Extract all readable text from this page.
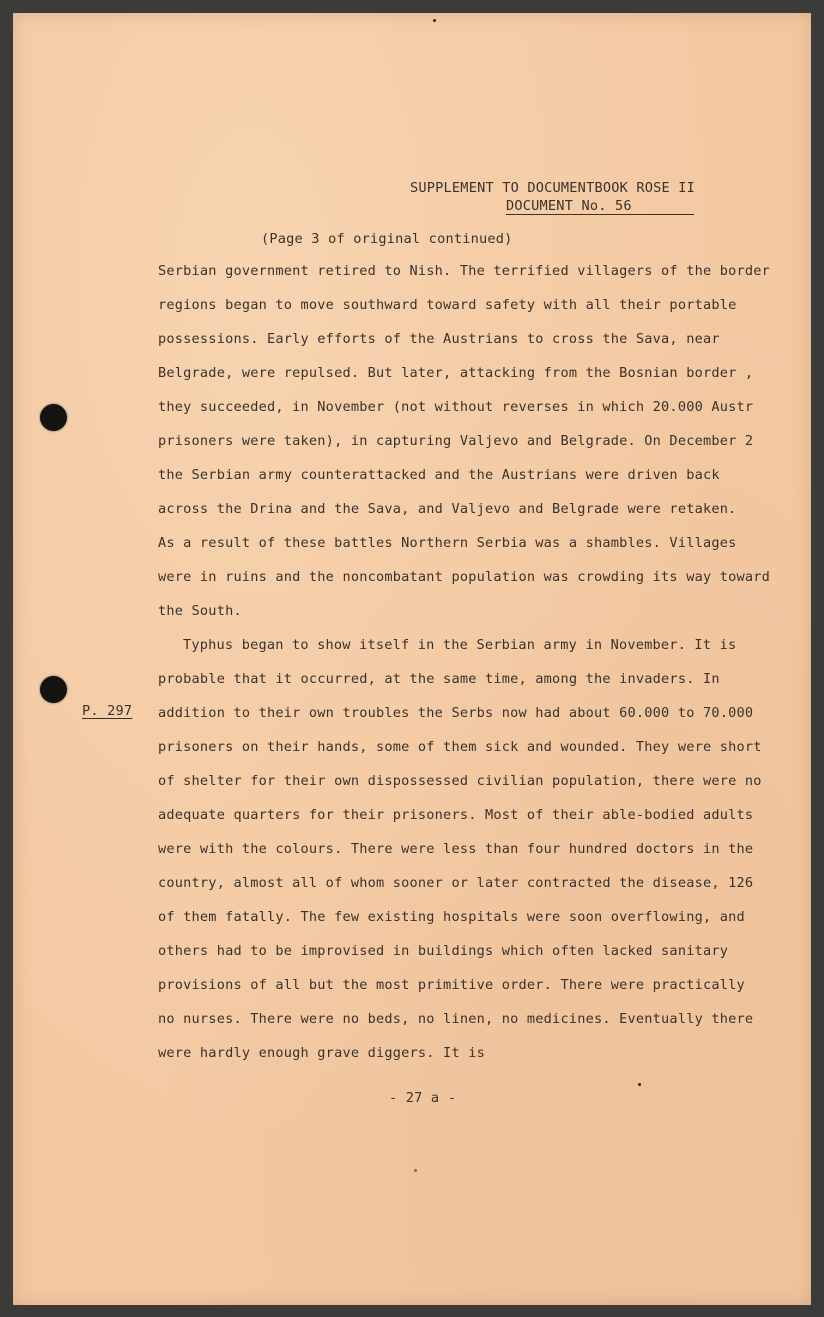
SUPPLEMENT TO DOCUMENTBOOK ROSE II
DOCUMENT No. 56
(Page 3 of original continued)
P. 297
Serbian government retired to Nish. The terrified villagers of the border
regions began to move southward toward safety with all their portable
possessions. Early efforts of the Austrians to cross the Sava, near
Belgrade, were repulsed. But later, attacking from the Bosnian border ,
they succeeded, in November (not without reverses in which 20.000 Austr
prisoners were taken), in capturing Valjevo and Belgrade. On December 2
the Serbian army counterattacked and the Austrians were driven back
across the Drina and the Sava, and Valjevo and Belgrade were retaken.
As a result of these battles Northern Serbia was a shambles. Villages
were in ruins and the noncombatant population was crowding its way toward
the South.
Typhus began to show itself in the Serbian army in November. It is
probable that it occurred, at the same time, among the invaders. In
addition to their own troubles the Serbs now had about 60.000 to 70.000
prisoners on their hands, some of them sick and wounded. They were short
of shelter for their own dispossessed civilian population, there were no
adequate quarters for their prisoners. Most of their able-bodied adults
were with the colours. There were less than four hundred doctors in the
country, almost all of whom sooner or later contracted the disease, 126
of them fatally. The few existing hospitals were soon overflowing, and
others had to be improvised in buildings which often lacked sanitary
provisions of all but the most primitive order. There were practically
no nurses. There were no beds, no linen, no medicines. Eventually there
were hardly enough grave diggers. It is
- 27 a -
